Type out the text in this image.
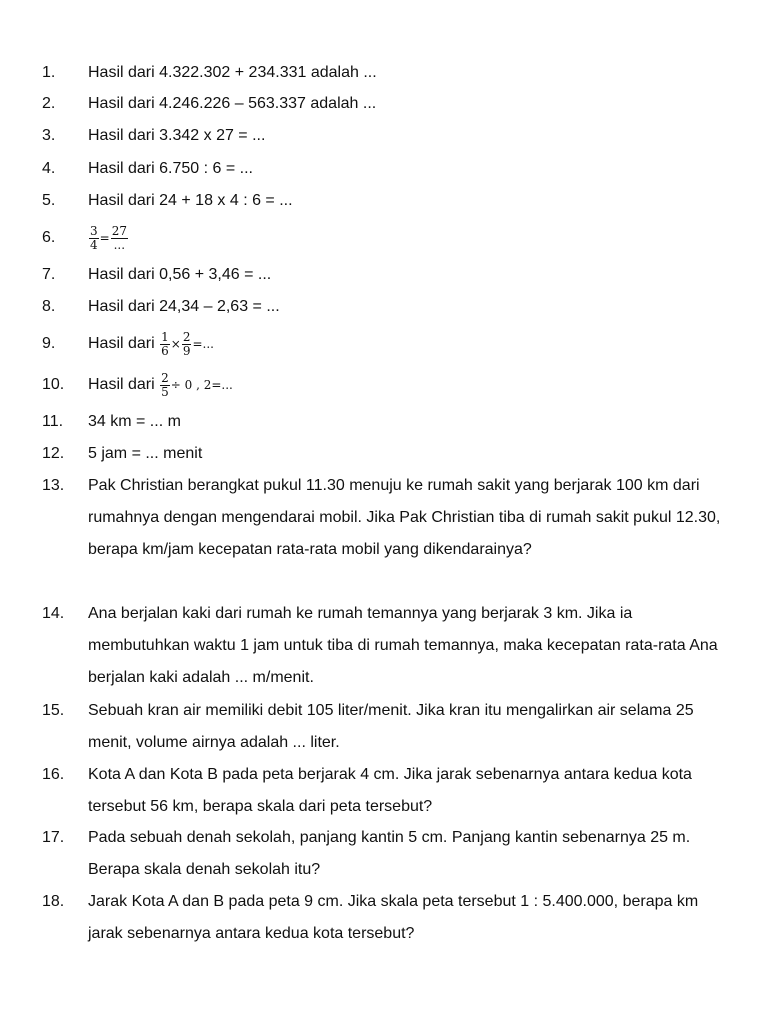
1. Hasil dari 4.322.302 + 234.331 adalah ...
2. Hasil dari 4.246.226 – 563.337 adalah ...
3. Hasil dari 3.342 x 27 = ...
4. Hasil dari 6.750 : 6 = ...
5. Hasil dari 24 + 18 x 4 : 6 = ...
6.	$\frac{3}{4} = \frac{27}{...}$
7. Hasil dari 0,56 + 3,46 = ...
8. Hasil dari 24,34 – 2,63 = ...
9. Hasil dari $\frac{1}{6} \times \frac{2}{9}$ =...
10. Hasil dari $\frac{2}{5} \div 0$ , 2=...
11. 34 km = ... m
12. 5 jam = ... menit
13. Pak Christian berangkat pukul 11.30 menuju ke rumah sakit yang berjarak 100 km dari rumahnya dengan mengendarai mobil. Jika Pak Christian tiba di rumah sakit pukul 12.30, berapa km/jam kecepatan rata-rata mobil yang dikendarainya?
14. Ana berjalan kaki dari rumah ke rumah temannya yang berjarak 3 km. Jika ia membutuhkan waktu 1 jam untuk tiba di rumah temannya, maka kecepatan rata-rata Ana berjalan kaki adalah ... m/menit.
15. Sebuah kran air memiliki debit 105 liter/menit. Jika kran itu mengalirkan air selama 25 menit, volume airnya adalah ... liter.
16. Kota A dan Kota B pada peta berjarak 4 cm. Jika jarak sebenarnya antara kedua kota tersebut 56 km, berapa skala dari peta tersebut?
17. Pada sebuah denah sekolah, panjang kantin 5 cm. Panjang kantin sebenarnya 25 m. Berapa skala denah sekolah itu?
18. Jarak Kota A dan B pada peta 9 cm. Jika skala peta tersebut 1 : 5.400.000, berapa km jarak sebenarnya antara kedua kota tersebut?
